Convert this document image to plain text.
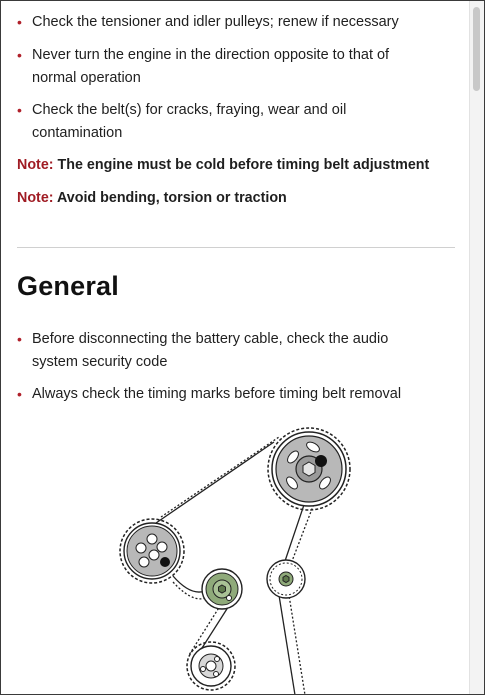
• Check the tensioner and idler pulleys; renew if necessary
• Never turn the engine in the direction opposite to that of normal operation
• Check the belt(s) for cracks, fraying, wear and oil contamination
Note: The engine must be cold before timing belt adjustment
Note: Avoid bending, torsion or traction
General
• Before disconnecting the battery cable, check the audio system security code
• Always check the timing marks before timing belt removal
